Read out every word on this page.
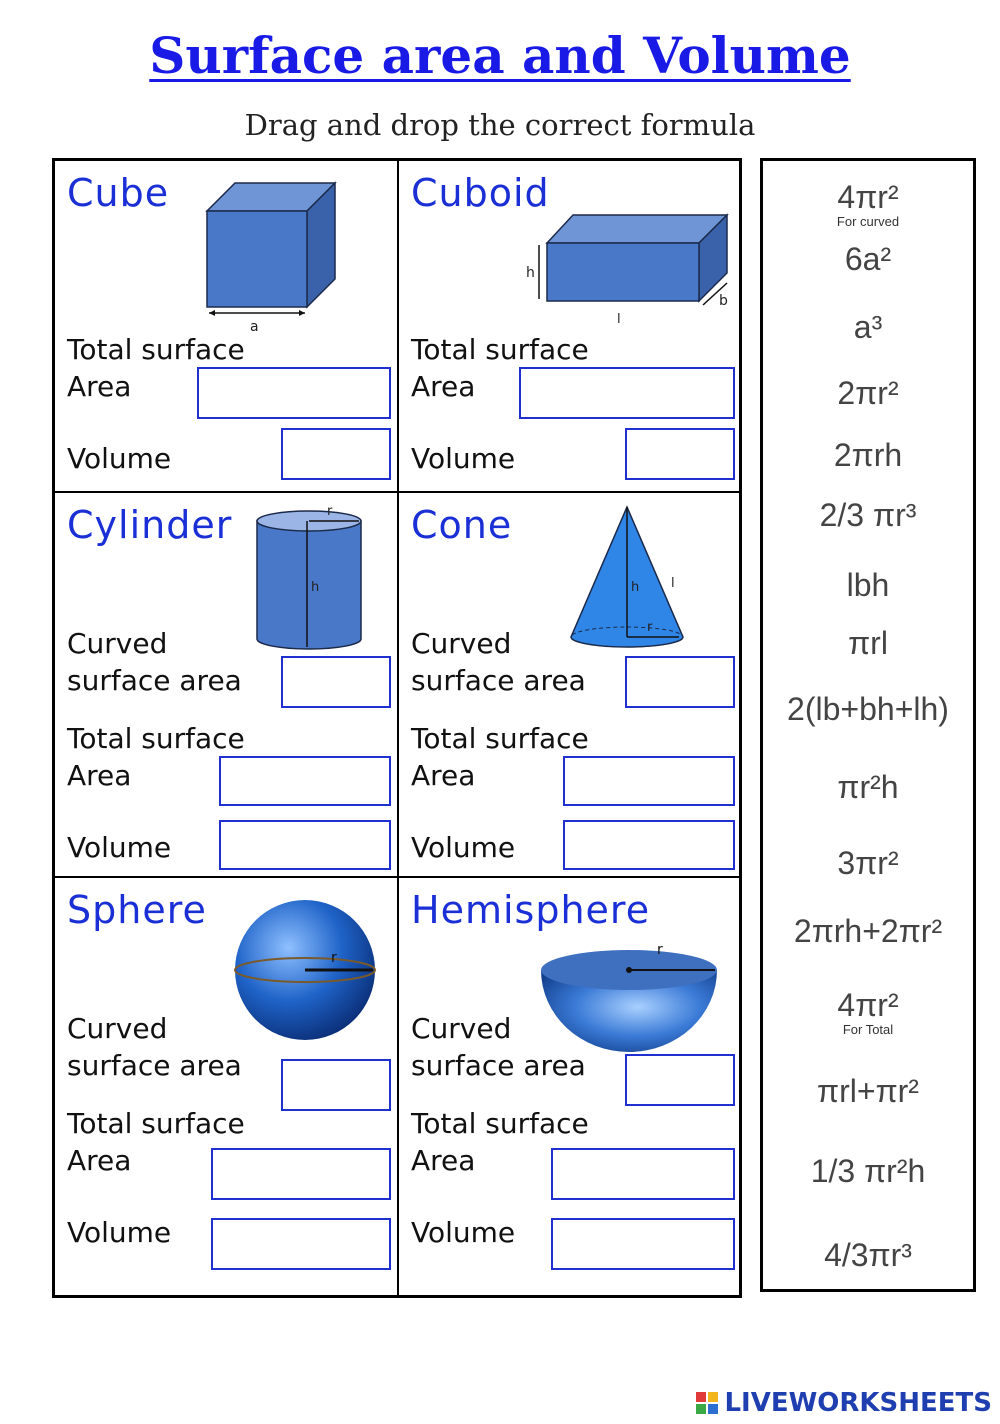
Surface area and Volume
Drag and drop the correct formula
Cube
a
Total surface
Area
Volume
Cuboid
h
b
l
Total surface
Area
Volume
Cylinder	r
h
Curved
surface area
Total surface
Area
Volume
Cone
h l
r
Curved
surface area
Total surface
Area
Volume
Sphere
r
Curved
surface area
Total surface
Area
Volume
Hemisphere
r
Curved
surface area
Total surface
Area
Volume
4πr²
For curved
6a²
a³
2πr²
2πrh
2/3 πr³
lbh
πrl
2(lb+bh+lh)
πr²h
3πr²
2πrh+2πr²
4πr²
For Total
πrl+πr²
1/3 πr²h
4/3πr³
LIVEWORKSHEETS
